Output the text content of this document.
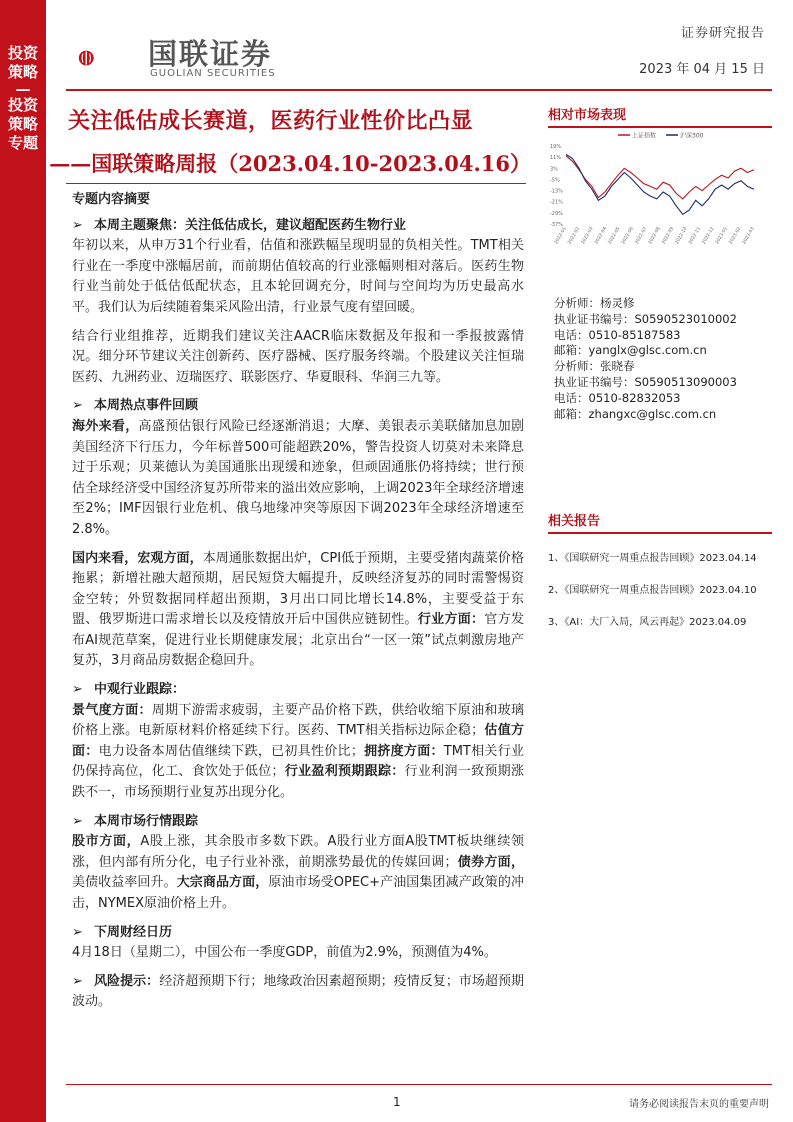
投资策略
—
投资策略专题
国联证券
GUOLIAN SECURITIES
证券研究报告
2023 年 04 月 15 日
关注低估成长赛道，医药行业性价比凸显
——国联策略周报（2023.04.10-2023.04.16）

专题内容摘要

➢ 本周主题聚焦：关注低估成长，建议超配医药生物行业

年初以来，从申万31个行业看，估值和涨跌幅呈现明显的负相关性。TMT相关行业在一季度中涨幅居前，而前期估值较高的行业涨幅则相对落后。医药生物行业当前处于低估低配状态，且本轮回调充分，时间与空间均为历史最高水平。我们认为后续随着集采风险出清，行业景气度有望回暖。

结合行业组推荐，近期我们建议关注AACR临床数据及年报和一季报披露情况。细分环节建议关注创新药、医疗器械、医疗服务终端。个股建议关注恒瑞医药、九洲药业、迈瑞医疗、联影医疗、华夏眼科、华润三九等。

➢ 本周热点事件回顾

海外来看，高盛预估银行风险已经逐渐消退；大摩、美银表示美联储加息加剧美国经济下行压力，今年标普500可能超跌20%，警告投资人切莫对未来降息过于乐观；贝莱德认为美国通胀出现缓和迹象，但顽固通胀仍将持续；世行预估全球经济受中国经济复苏所带来的溢出效应影响，上调2023年全球经济增速至2%；IMF因银行业危机、俄乌地缘冲突等原因下调2023年全球经济增速至2.8%。

国内来看，宏观方面，本周通胀数据出炉，CPI低于预期，主要受猪肉蔬菜价格拖累；新增社融大超预期，居民短贷大幅提升，反映经济复苏的同时需警惕资金空转；外贸数据同样超出预期，3月出口同比增长14.8%，主要受益于东盟、俄罗斯进口需求增长以及疫情放开后中国供应链韧性。行业方面：官方发布AI规范草案，促进行业长期健康发展；北京出台“一区一策”试点刺激房地产复苏，3月商品房数据企稳回升。

➢ 中观行业跟踪：

景气度方面：周期下游需求疲弱，主要产品价格下跌，供给收缩下原油和玻璃价格上涨。电新原材料价格延续下行。医药、TMT相关指标边际企稳；估值方面：电力设备本周估值继续下跌，已初具性价比；拥挤度方面：TMT相关行业仍保持高位，化工、食饮处于低位；行业盈利预期跟踪：行业利润一致预期涨跌不一，市场预期行业复苏出现分化。

➢ 本周市场行情跟踪

股市方面，A股上涨，其余股市多数下跌。A股行业方面A股TMT板块继续领涨，但内部有所分化，电子行业补涨，前期涨势最优的传媒回调；债券方面，美债收益率回升。大宗商品方面，原油市场受OPEC+产油国集团减产政策的冲击，NYMEX原油价格上升。

➢ 下周财经日历

4月18日（星期二），中国公布一季度GDP，前值为2.9%，预测值为4%。

➢ 风险提示：经济超预期下行；地缘政治因素超预期；疫情反复；市场超预期波动。

相对市场表现
上证指数	沪深300
19%
11%
3%
-5%
-13%
-21%
-29%
-37%
2022-01 2022-02 2022-03 2022-04 2022-05 2022-06 2022-07 2022-08 2022-09 2022-10 2022-11 2022-12 2023-01 2023-02 2023-03
分析师：杨灵修
执业证书编号：S0590523010002
电话：0510-85187583
邮箱：yanglx@glsc.com.cn
分析师：张晓春
执业证书编号：S0590513090003
电话：0510-82832053
邮箱：zhangxc@glsc.com.cn
相关报告
1、《国联研究一周重点报告回顾》2023.04.14
2、《国联研究一周重点报告回顾》2023.04.10
3、《AI：大厂入局，风云再起》2023.04.09
1	请务必阅读报告末页的重要声明
